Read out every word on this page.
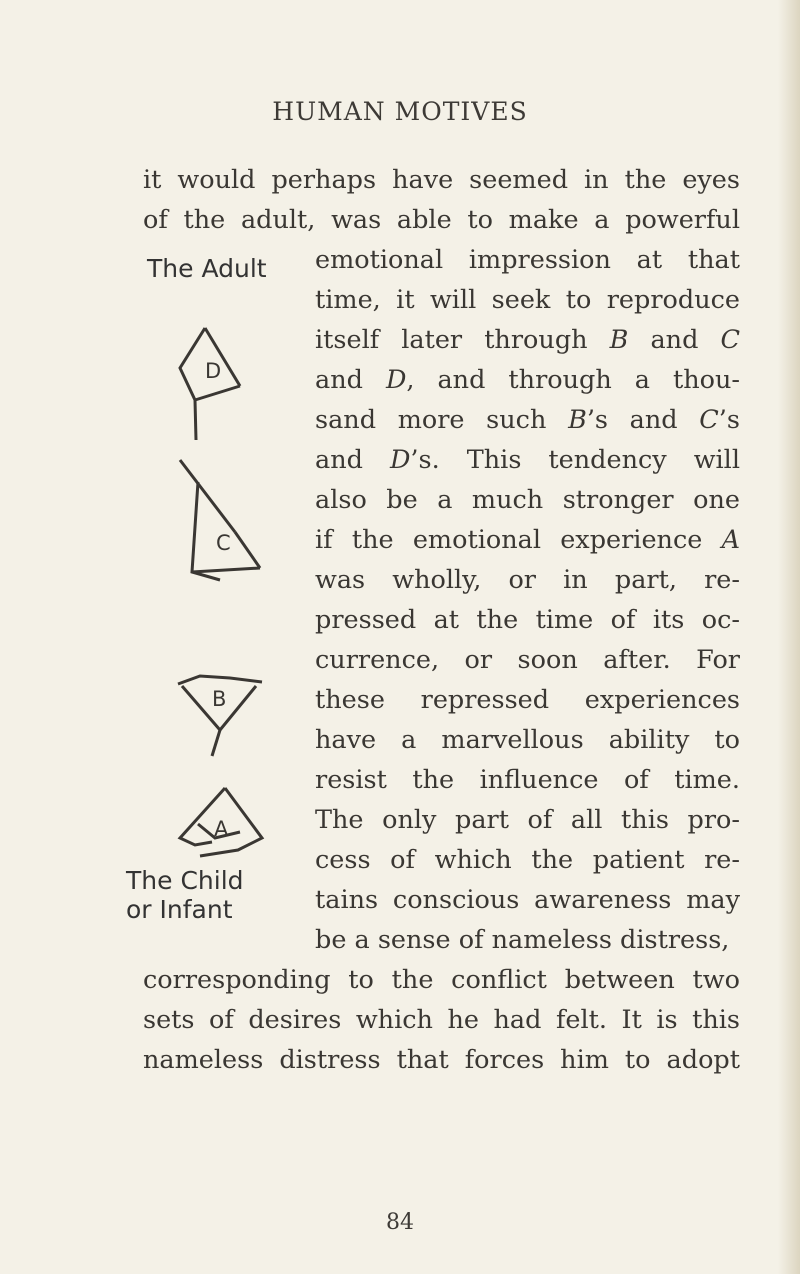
HUMAN MOTIVES
it would perhaps have seemed in the eyes
of the adult, was able to make a powerful
emotional impression at that
time, it will seek to reproduce
itself later through B and C
and D, and through a thou-
sand more such B’s and C’s
and D’s. This tendency will
also be a much stronger one
if the emotional experience A
was wholly, or in part, re-
pressed at the time of its oc-
currence, or soon after. For
these repressed experiences
have a marvellous ability to
resist the influence of time.
The only part of all this pro-
cess of which the patient re-
tains conscious awareness may
be a sense of nameless distress,
corresponding to the conflict between two
sets of desires which he had felt. It is this
nameless distress that forces him to adopt
The Adult
The Child
or Infant
D
C
B
A
84
